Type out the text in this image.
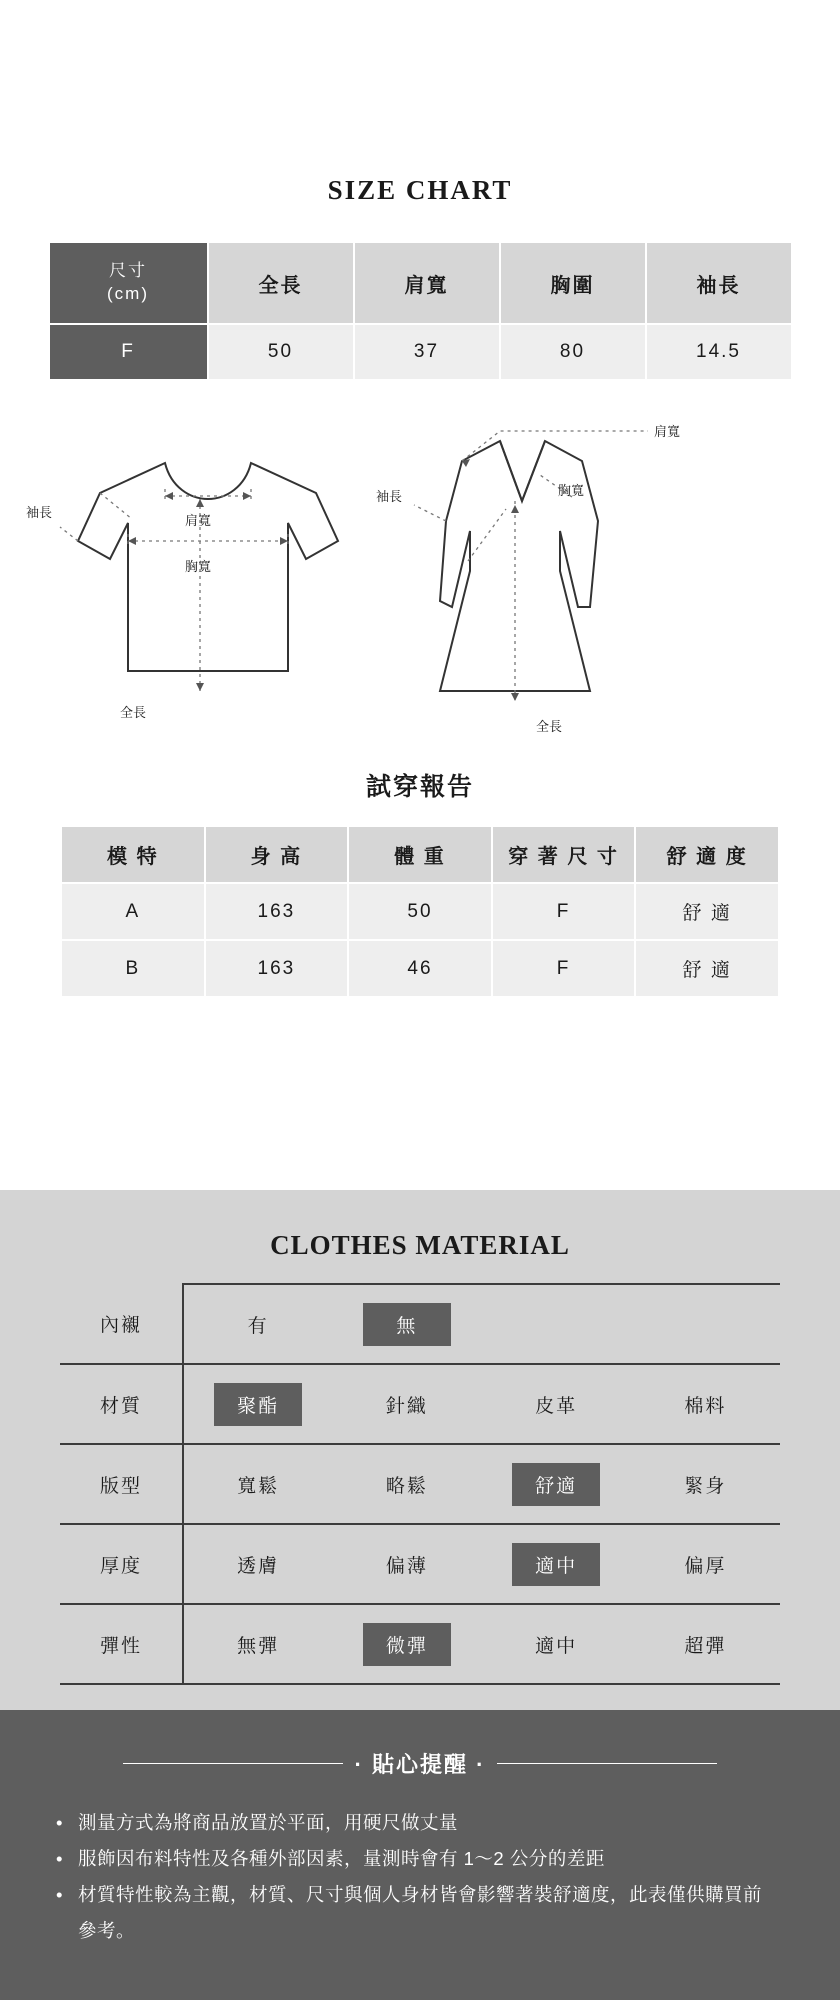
SIZE CHART
尺寸
(cm)	全長	肩寬	胸圍	袖長
F	50	37	80	14.5
袖長
肩寬
胸寬
全長
肩寬
袖長	胸寬
全長
試穿報告
模 特	身 高	體 重	穿 著 尺 寸	舒 適 度
A	163	50	F	舒 適
B	163	46	F	舒 適
CLOTHES MATERIAL
內襯	有	無		
材質	聚酯	針織	皮革	棉料
版型	寬鬆	略鬆	舒適	緊身
厚度	透膚	偏薄	適中	偏厚
彈性	無彈	微彈	適中	超彈
· 貼心提醒 ·
• 測量方式為將商品放置於平面，用硬尺做丈量
• 服飾因布料特性及各種外部因素，量測時會有 1～2 公分的差距
• 材質特性較為主觀，材質、尺寸與個人身材皆會影響著裝舒適度，此表僅供購買前參考。
